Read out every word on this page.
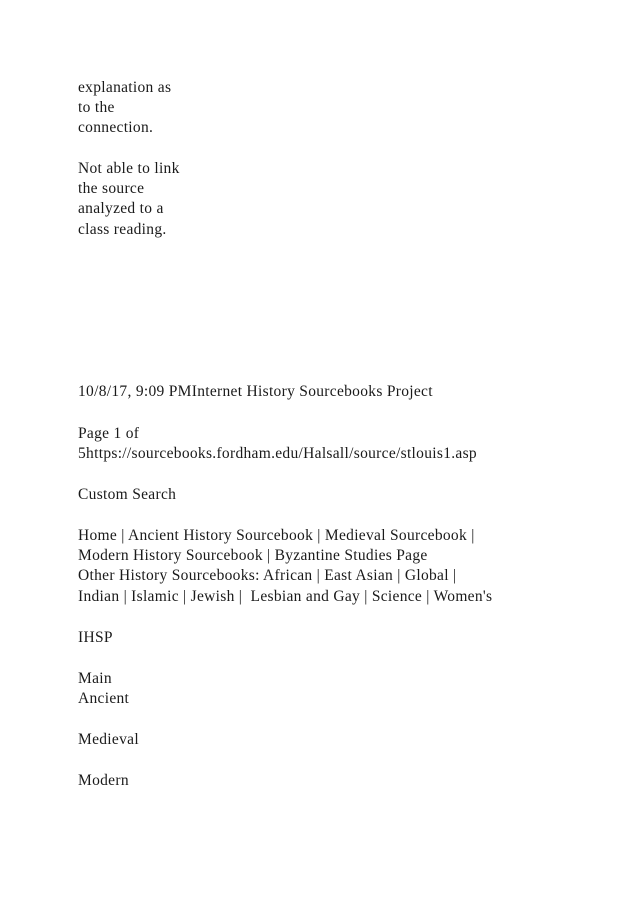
explanation as

to the

connection.

Not able to link

the source

analyzed to a

class reading.

10/8/17, 9:09 PMInternet History Sourcebooks Project

Page 1 of

5https://sourcebooks.fordham.edu/Halsall/source/stlouis1.asp

Custom Search

Home | Ancient History Sourcebook | Medieval Sourcebook |

Modern History Sourcebook | Byzantine Studies Page

Other History Sourcebooks: African | East Asian | Global |

Indian | Islamic | Jewish |  Lesbian and Gay | Science | Women's

IHSP

Main

Ancient

Medieval

Modern
